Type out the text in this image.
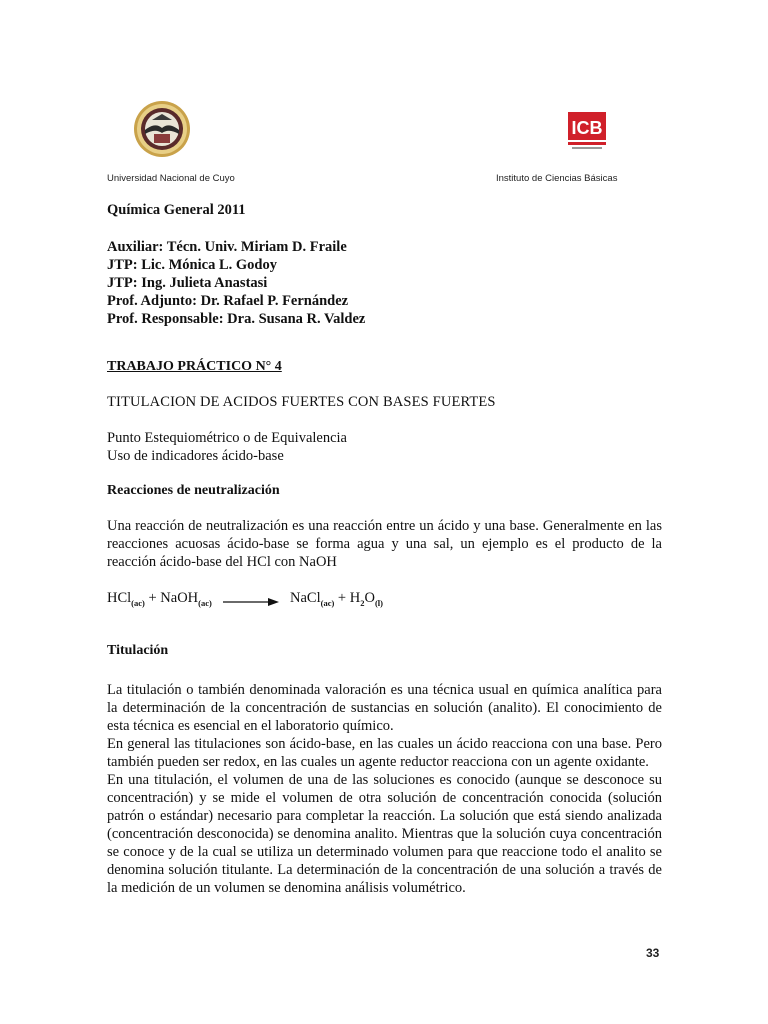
ICB
Universidad Nacional de Cuyo	Instituto de Ciencias Básicas
Química General 2011
Auxiliar: Técn. Univ. Miriam D. Fraile
JTP: Lic. Mónica L. Godoy
JTP: Ing. Julieta Anastasi
Prof. Adjunto: Dr. Rafael P. Fernández
Prof. Responsable: Dra. Susana R. Valdez
TRABAJO PRÁCTICO N° 4
TITULACION DE ACIDOS FUERTES CON BASES FUERTES
Punto Estequiométrico o de Equivalencia
Uso de indicadores ácido-base
Reacciones de neutralización

Una reacción de neutralización es una reacción entre un ácido y una base. Generalmente en las reacciones acuosas ácido-base se forma agua y una sal, un ejemplo es el producto de la reacción ácido-base del HCl con NaOH

HCl$_{(ac)}$ + NaOH$_{(ac)}$ → NaCl$_{(ac)}$ + $H_2O_{(l)}$
Titulación

La titulación o también denominada valoración es una técnica usual en química analítica para la determinación de la concentración de sustancias en solución (analito). El conocimiento de esta técnica es esencial en el laboratorio químico.
En general las titulaciones son ácido-base, en las cuales un ácido reacciona con una base. Pero también pueden ser redox, en las cuales un agente reductor reacciona con un agente oxidante.
En una titulación, el volumen de una de las soluciones es conocido (aunque se desconoce su concentración) y se mide el volumen de otra solución de concentración conocida (solución patrón o estándar) necesario para completar la reacción. La solución que está siendo analizada (concentración desconocida) se denomina analito. Mientras que la solución cuya concentración se conoce y de la cual se utiliza un determinado volumen para que reaccione todo el analito se denomina solución titulante. La determinación de la concentración de una solución a través de la medición de un volumen se denomina análisis volumétrico.

33
